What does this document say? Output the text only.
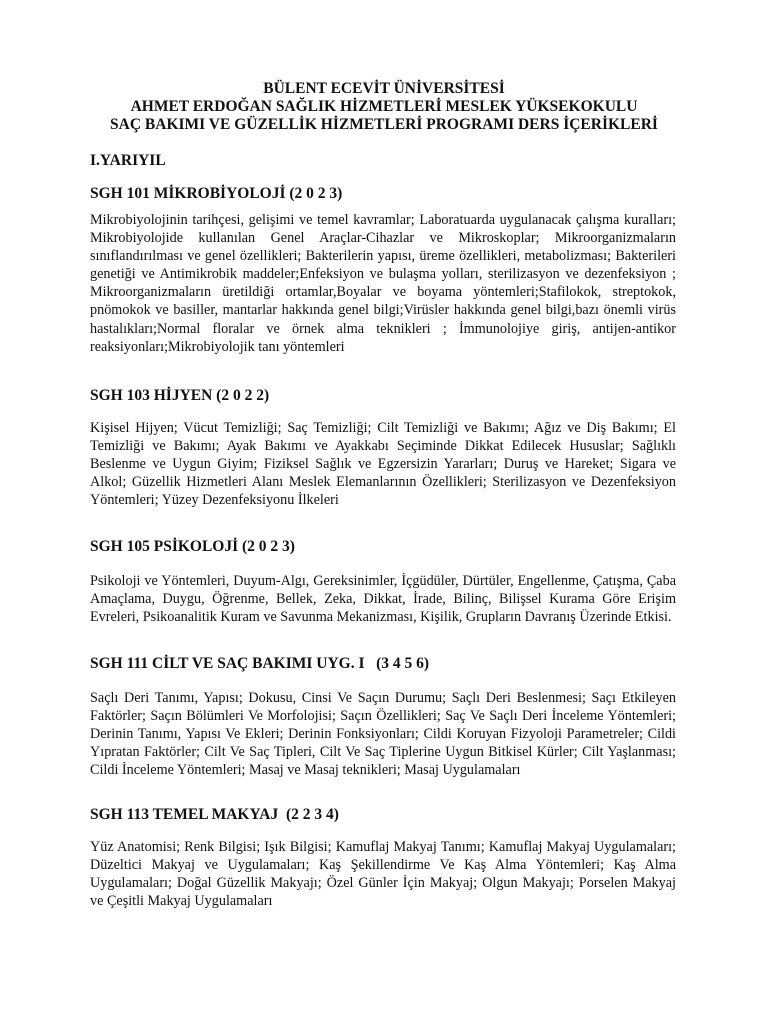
BÜLENT ECEVİT ÜNİVERSİTESİ
AHMET ERDOĞAN SAĞLIK HİZMETLERİ MESLEK YÜKSEKOKULU
SAÇ BAKIMI VE GÜZELLİK HİZMETLERİ PROGRAMI DERS İÇERİKLERİ
I.YARIYIL
SGH 101 MİKROBİYOLOJİ (2 0 2 3)
Mikrobiyolojinin tarihçesi, gelişimi ve temel kavramlar; Laboratuarda uygulanacak çalışma kuralları; Mikrobiyolojide kullanılan Genel Araçlar-Cihazlar ve Mikroskoplar; Mikroorganizmaların sınıflandırılması ve genel özellikleri; Bakterilerin yapısı, üreme özellikleri, metabolizması; Bakterileri genetiği ve Antimikrobik maddeler;Enfeksiyon ve bulaşma yolları, sterilizasyon ve dezenfeksiyon ; Mikroorganizmaların üretildiği ortamlar,Boyalar ve boyama yöntemleri;Stafilokok, streptokok, pnömokok ve basiller, mantarlar hakkında genel bilgi;Virüsler hakkında genel bilgi,bazı önemli virüs hastalıkları;Normal floralar ve örnek alma teknikleri ; İmmunolojiye giriş, antijen-antikor reaksiyonları;Mikrobiyolojik tanı yöntemleri
SGH 103 HİJYEN (2 0 2 2)
Kişisel Hijyen; Vücut Temizliği; Saç Temizliği; Cilt Temizliği ve Bakımı; Ağız ve Diş Bakımı; El Temizliği ve Bakımı; Ayak Bakımı ve Ayakkabı Seçiminde Dikkat Edilecek Hususlar; Sağlıklı Beslenme ve Uygun Giyim; Fiziksel Sağlık ve Egzersizin Yararları; Duruş ve Hareket; Sigara ve Alkol; Güzellik Hizmetleri Alanı Meslek Elemanlarının Özellikleri; Sterilizasyon ve Dezenfeksiyon Yöntemleri; Yüzey Dezenfeksiyonu İlkeleri
SGH 105 PSİKOLOJİ (2 0 2 3)
Psikoloji ve Yöntemleri, Duyum-Algı, Gereksinimler, İçgüdüler, Dürtüler, Engellenme, Çatışma, Çaba Amaçlama, Duygu, Öğrenme, Bellek, Zeka, Dikkat, İrade, Bilinç, Bilişsel Kurama Göre Erişim Evreleri, Psikoanalitik Kuram ve Savunma Mekanizması, Kişilik, Grupların Davranış Üzerinde Etkisi.
SGH 111 CİLT VE SAÇ BAKIMI UYG. I   (3 4 5 6)
Saçlı Deri Tanımı, Yapısı; Dokusu, Cinsi Ve Saçın Durumu; Saçlı Deri Beslenmesi; Saçı Etkileyen Faktörler; Saçın Bölümleri Ve Morfolojisi; Saçın Özellikleri; Saç Ve Saçlı Deri İnceleme Yöntemleri; Derinin Tanımı, Yapısı Ve Ekleri; Derinin Fonksiyonları; Cildi Koruyan Fizyoloji Parametreler; Cildi Yıpratan Faktörler; Cilt Ve Saç Tipleri, Cilt Ve Saç Tiplerine Uygun Bitkisel Kürler; Cilt Yaşlanması; Cildi İnceleme Yöntemleri; Masaj ve Masaj teknikleri; Masaj Uygulamaları
SGH 113 TEMEL MAKYAJ  (2 2 3 4)
Yüz Anatomisi; Renk Bilgisi; Işık Bilgisi; Kamuflaj Makyaj Tanımı; Kamuflaj Makyaj Uygulamaları; Düzeltici Makyaj ve Uygulamaları; Kaş Şekillendirme Ve Kaş Alma Yöntemleri; Kaş Alma Uygulamaları; Doğal Güzellik Makyajı; Özel Günler İçin Makyaj; Olgun Makyajı; Porselen Makyaj ve Çeşitli Makyaj Uygulamaları
